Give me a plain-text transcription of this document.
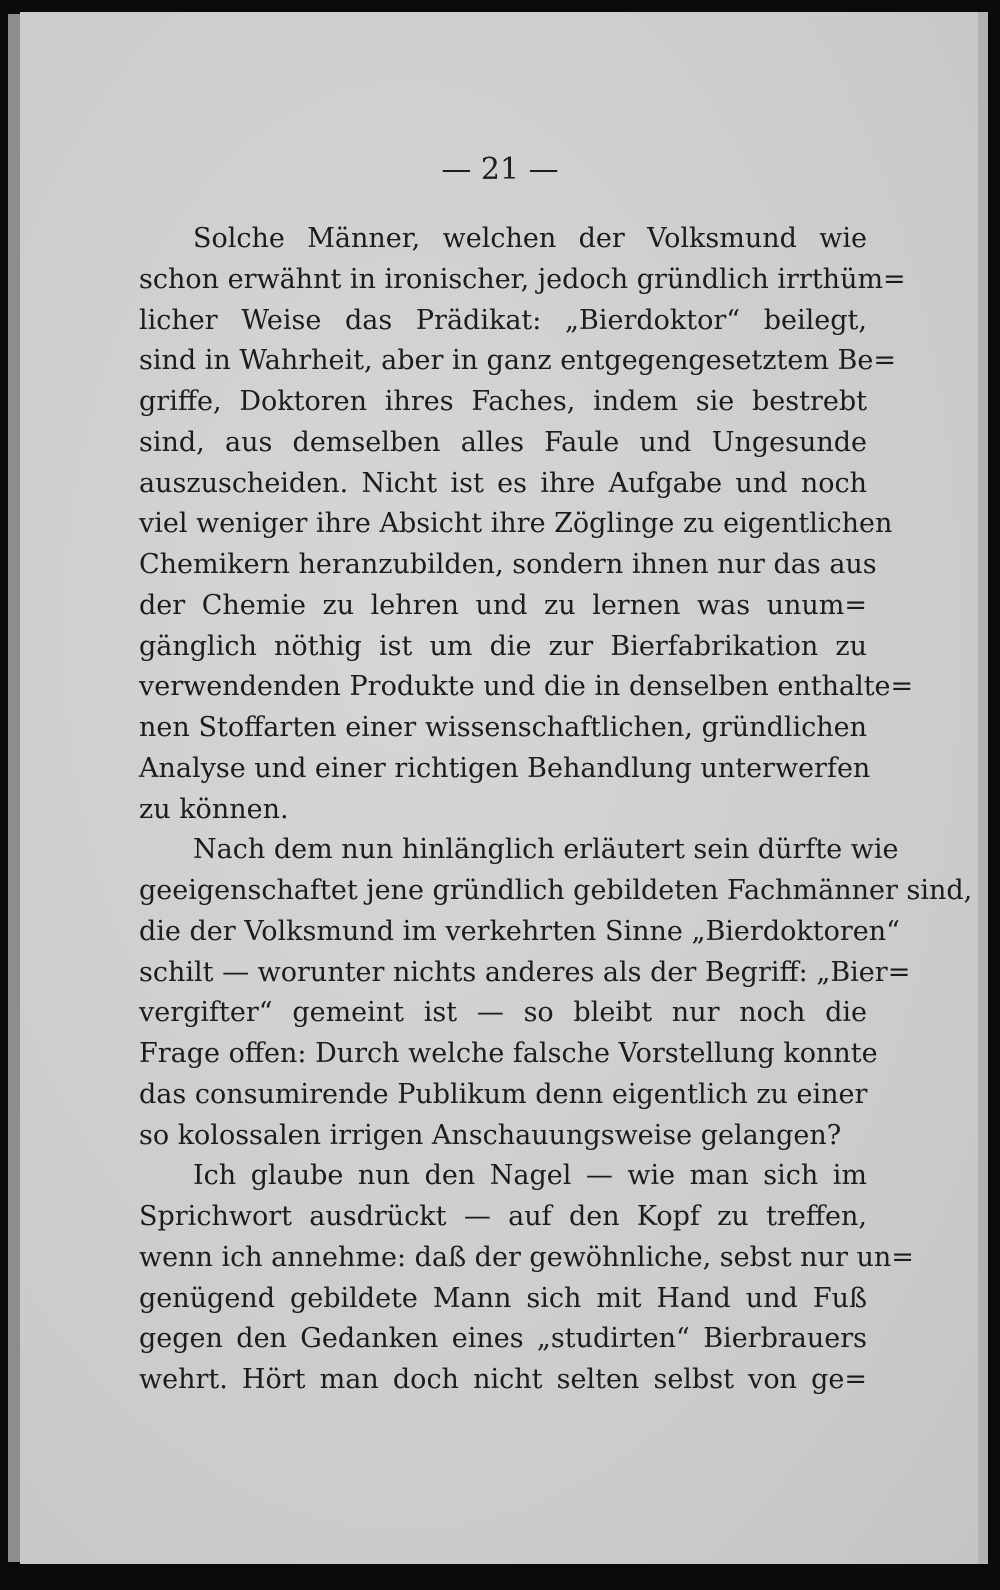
— 21 —

Solche Männer, welchen der Volksmund wie
schon erwähnt in ironischer, jedoch gründlich irrthüm=
licher Weise das Prädikat: „Bierdoktor“ beilegt,
sind in Wahrheit, aber in ganz entgegengesetztem Be=
griffe, Doktoren ihres Faches, indem sie bestrebt
sind, aus demselben alles Faule und Ungesunde
auszuscheiden. Nicht ist es ihre Aufgabe und noch
viel weniger ihre Absicht ihre Zöglinge zu eigentlichen
Chemikern heranzubilden, sondern ihnen nur das aus
der Chemie zu lehren und zu lernen was unum=
gänglich nöthig ist um die zur Bierfabrikation zu
verwendenden Produkte und die in denselben enthalte=
nen Stoffarten einer wissenschaftlichen, gründlichen
Analyse und einer richtigen Behandlung unterwerfen
zu können.
Nach dem nun hinlänglich erläutert sein dürfte wie
geeigenschaftet jene gründlich gebildeten Fachmänner sind,
die der Volksmund im verkehrten Sinne „Bierdoktoren“
schilt — worunter nichts anderes als der Begriff: „Bier=
vergifter“ gemeint ist — so bleibt nur noch die
Frage offen: Durch welche falsche Vorstellung konnte
das consumirende Publikum denn eigentlich zu einer
so kolossalen irrigen Anschauungsweise gelangen?
Ich glaube nun den Nagel — wie man sich im
Sprichwort ausdrückt — auf den Kopf zu treffen,
wenn ich annehme: daß der gewöhnliche, sebst nur un=
genügend gebildete Mann sich mit Hand und Fuß
gegen den Gedanken eines „studirten“ Bierbrauers
wehrt. Hört man doch nicht selten selbst von ge=
